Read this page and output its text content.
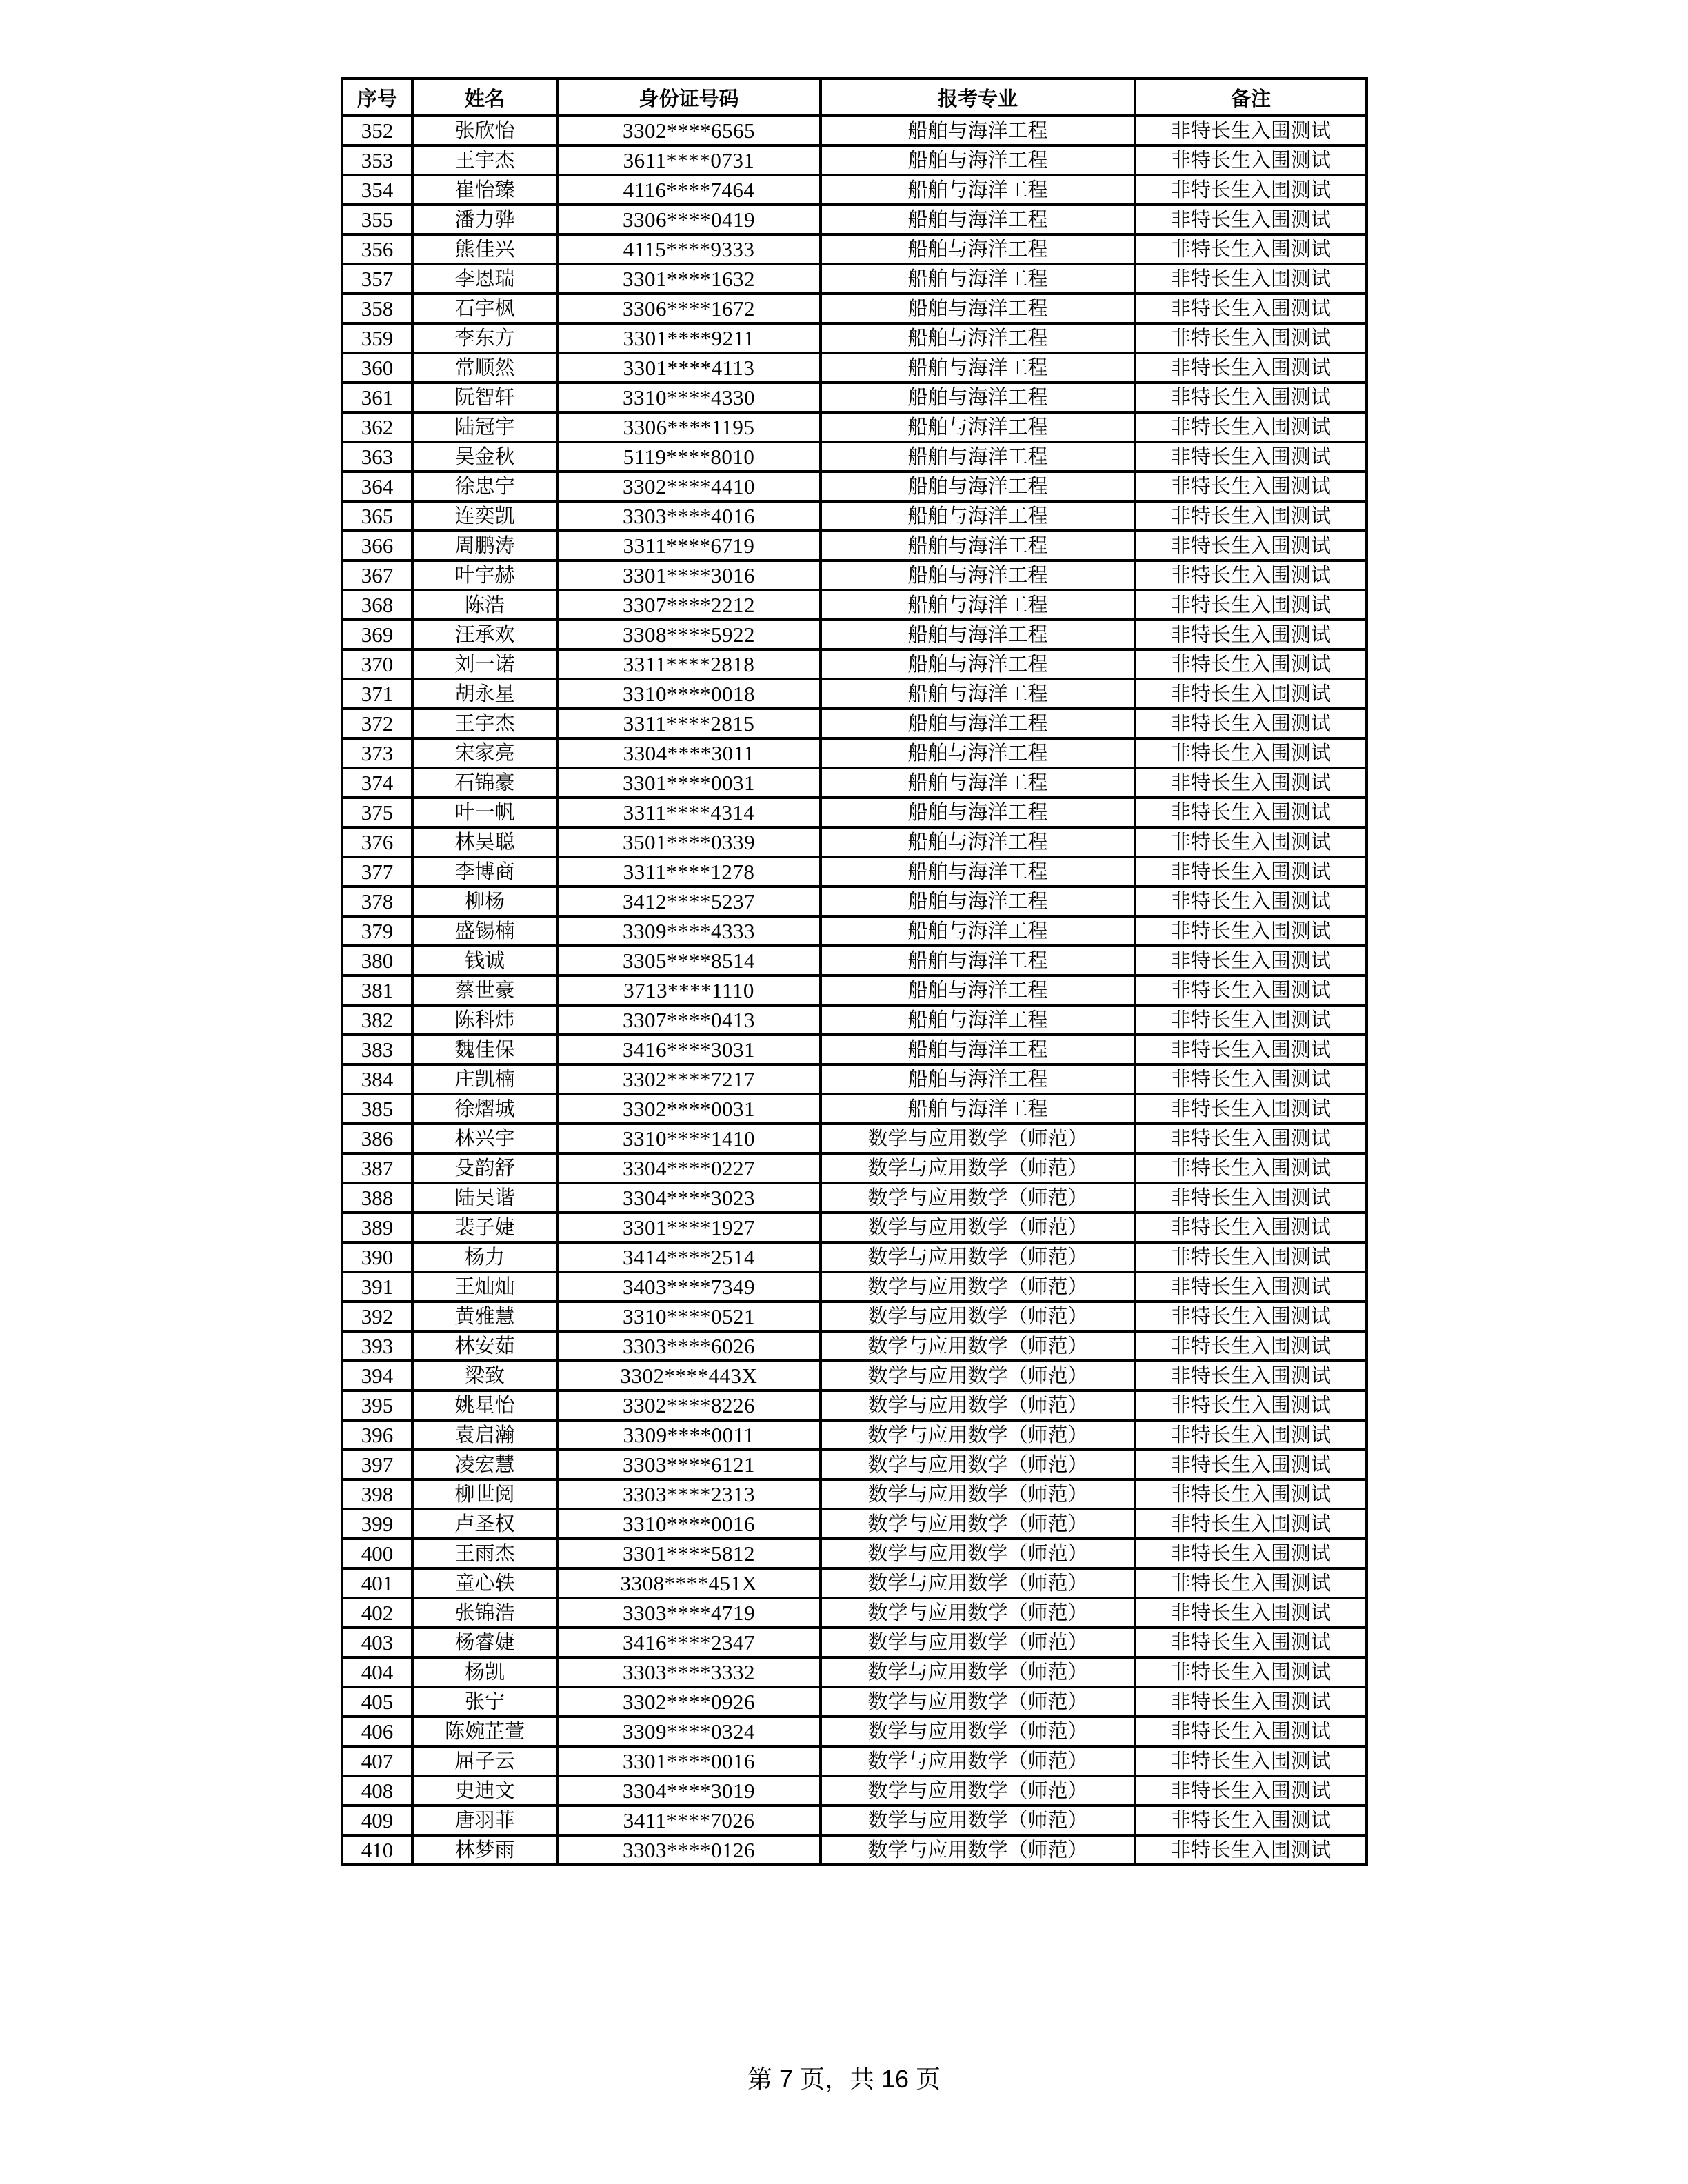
序号	姓名	身份证号码	报考专业	备注
352	张欣怡	3302****6565	船舶与海洋工程	非特长生入围测试
353	王宇杰	3611****0731	船舶与海洋工程	非特长生入围测试
354	崔怡臻	4116****7464	船舶与海洋工程	非特长生入围测试
355	潘力骅	3306****0419	船舶与海洋工程	非特长生入围测试
356	熊佳兴	4115****9333	船舶与海洋工程	非特长生入围测试
357	李恩瑞	3301****1632	船舶与海洋工程	非特长生入围测试
358	石宇枫	3306****1672	船舶与海洋工程	非特长生入围测试
359	李东方	3301****9211	船舶与海洋工程	非特长生入围测试
360	常顺然	3301****4113	船舶与海洋工程	非特长生入围测试
361	阮智轩	3310****4330	船舶与海洋工程	非特长生入围测试
362	陆冠宇	3306****1195	船舶与海洋工程	非特长生入围测试
363	吴金秋	5119****8010	船舶与海洋工程	非特长生入围测试
364	徐忠宁	3302****4410	船舶与海洋工程	非特长生入围测试
365	连奕凯	3303****4016	船舶与海洋工程	非特长生入围测试
366	周鹏涛	3311****6719	船舶与海洋工程	非特长生入围测试
367	叶宇赫	3301****3016	船舶与海洋工程	非特长生入围测试
368	陈浩	3307****2212	船舶与海洋工程	非特长生入围测试
369	汪承欢	3308****5922	船舶与海洋工程	非特长生入围测试
370	刘一诺	3311****2818	船舶与海洋工程	非特长生入围测试
371	胡永星	3310****0018	船舶与海洋工程	非特长生入围测试
372	王宇杰	3311****2815	船舶与海洋工程	非特长生入围测试
373	宋家亮	3304****3011	船舶与海洋工程	非特长生入围测试
374	石锦豪	3301****0031	船舶与海洋工程	非特长生入围测试
375	叶一帆	3311****4314	船舶与海洋工程	非特长生入围测试
376	林昊聪	3501****0339	船舶与海洋工程	非特长生入围测试
377	李博商	3311****1278	船舶与海洋工程	非特长生入围测试
378	柳杨	3412****5237	船舶与海洋工程	非特长生入围测试
379	盛锡楠	3309****4333	船舶与海洋工程	非特长生入围测试
380	钱诚	3305****8514	船舶与海洋工程	非特长生入围测试
381	蔡世豪	3713****1110	船舶与海洋工程	非特长生入围测试
382	陈科炜	3307****0413	船舶与海洋工程	非特长生入围测试
383	魏佳保	3416****3031	船舶与海洋工程	非特长生入围测试
384	庄凯楠	3302****7217	船舶与海洋工程	非特长生入围测试
385	徐熠城	3302****0031	船舶与海洋工程	非特长生入围测试
386	林兴宇	3310****1410	数学与应用数学（师范）	非特长生入围测试
387	殳韵舒	3304****0227	数学与应用数学（师范）	非特长生入围测试
388	陆吴谐	3304****3023	数学与应用数学（师范）	非特长生入围测试
389	裴子婕	3301****1927	数学与应用数学（师范）	非特长生入围测试
390	杨力	3414****2514	数学与应用数学（师范）	非特长生入围测试
391	王灿灿	3403****7349	数学与应用数学（师范）	非特长生入围测试
392	黄雅慧	3310****0521	数学与应用数学（师范）	非特长生入围测试
393	林安茹	3303****6026	数学与应用数学（师范）	非特长生入围测试
394	梁致	3302****443X	数学与应用数学（师范）	非特长生入围测试
395	姚星怡	3302****8226	数学与应用数学（师范）	非特长生入围测试
396	袁启瀚	3309****0011	数学与应用数学（师范）	非特长生入围测试
397	凌宏慧	3303****6121	数学与应用数学（师范）	非特长生入围测试
398	柳世阅	3303****2313	数学与应用数学（师范）	非特长生入围测试
399	卢圣权	3310****0016	数学与应用数学（师范）	非特长生入围测试
400	王雨杰	3301****5812	数学与应用数学（师范）	非特长生入围测试
401	童心轶	3308****451X	数学与应用数学（师范）	非特长生入围测试
402	张锦浩	3303****4719	数学与应用数学（师范）	非特长生入围测试
403	杨睿婕	3416****2347	数学与应用数学（师范）	非特长生入围测试
404	杨凯	3303****3332	数学与应用数学（师范）	非特长生入围测试
405	张宁	3302****0926	数学与应用数学（师范）	非特长生入围测试
406	陈婉芷萱	3309****0324	数学与应用数学（师范）	非特长生入围测试
407	屈子云	3301****0016	数学与应用数学（师范）	非特长生入围测试
408	史迪文	3304****3019	数学与应用数学（师范）	非特长生入围测试
409	唐羽菲	3411****7026	数学与应用数学（师范）	非特长生入围测试
410	林梦雨	3303****0126	数学与应用数学（师范）	非特长生入围测试
第 7 页，共 16 页
